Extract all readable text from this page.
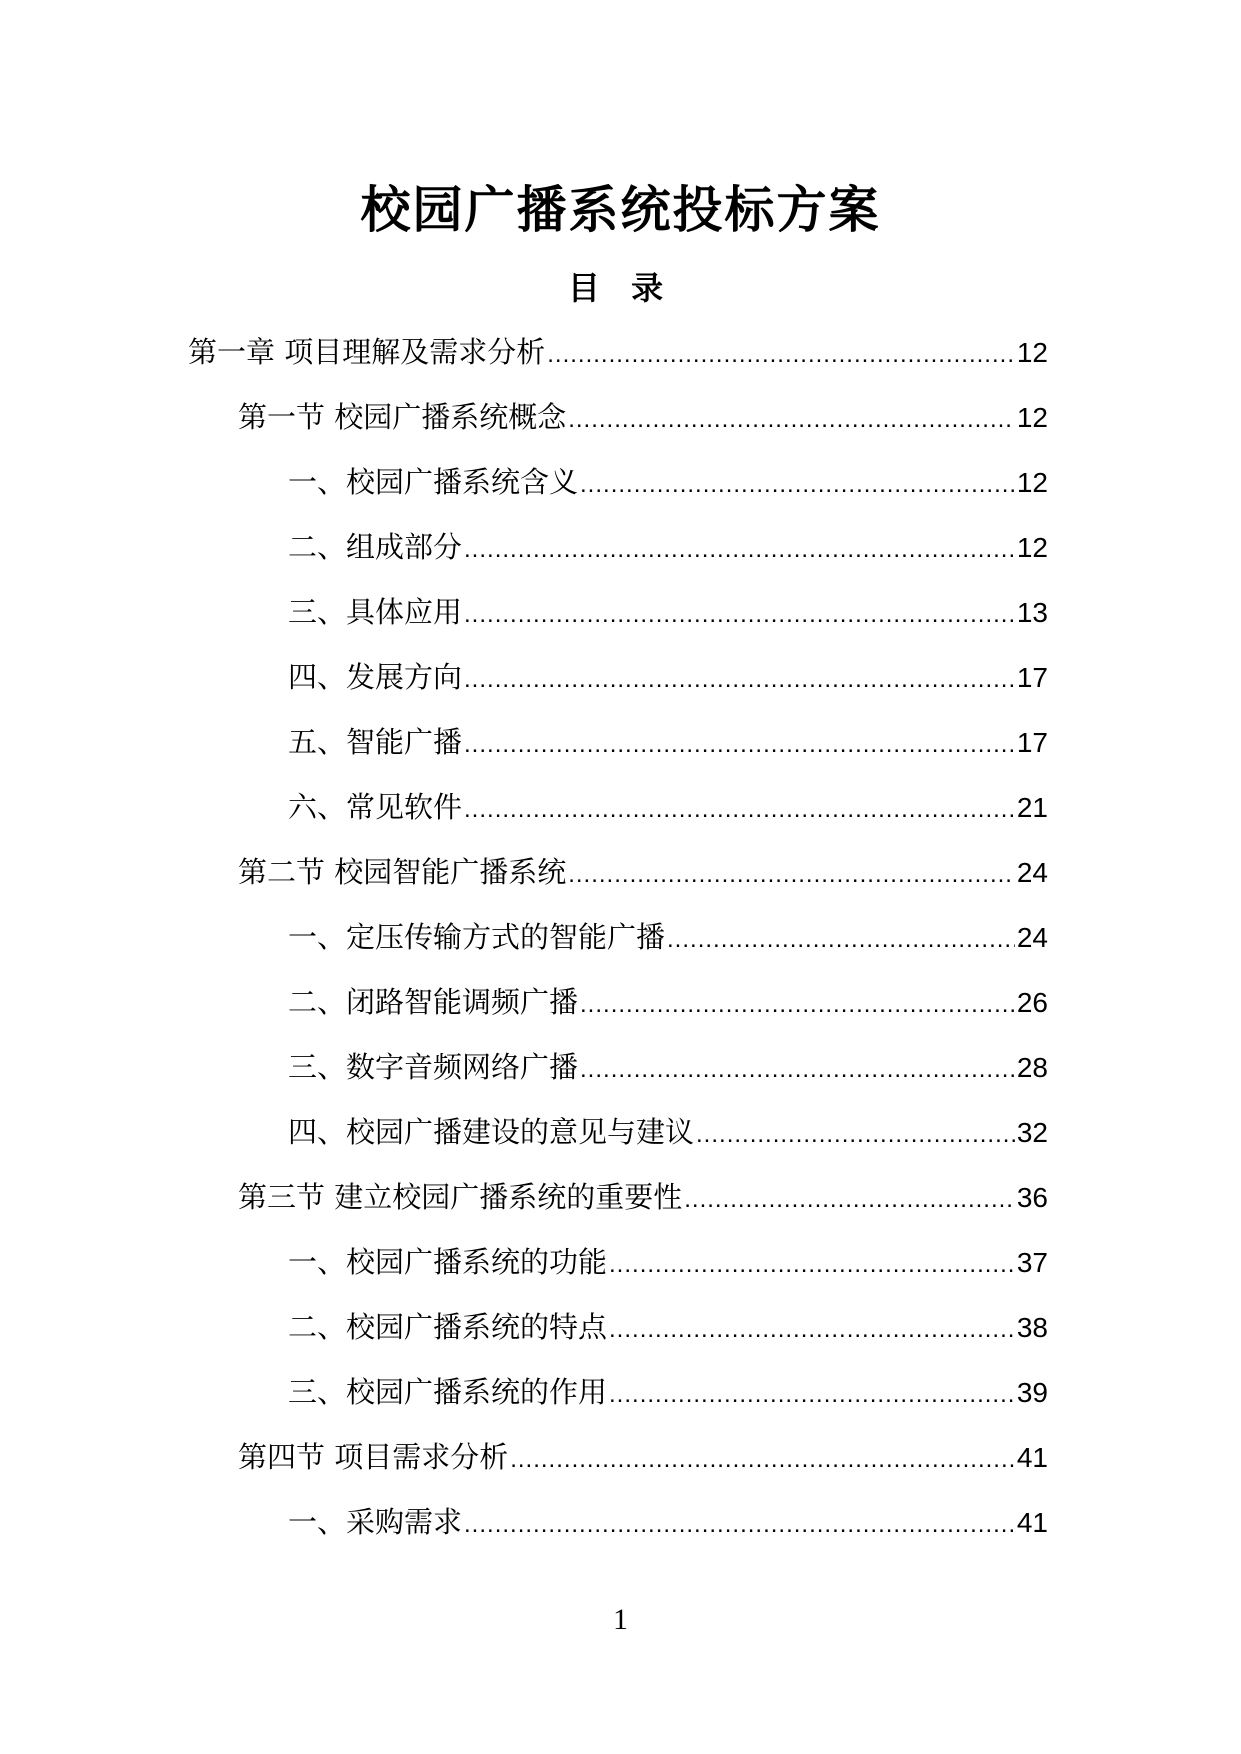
校园广播系统投标方案
目 录
第一章 项目理解及需求分析 .....	12
第一节 校园广播系统概念 .....	12
一、校园广播系统含义 .....	12
二、组成部分 .....	12
三、具体应用 .....	13
四、发展方向 .....	17
五、智能广播 .....	17
六、常见软件 .....	21
第二节 校园智能广播系统 .....	24
一、定压传输方式的智能广播 .....	24
二、闭路智能调频广播 .....	26
三、数字音频网络广播 .....	28
四、校园广播建设的意见与建议 .....	32
第三节 建立校园广播系统的重要性 .....	36
一、校园广播系统的功能 .....	37
二、校园广播系统的特点 .....	38
三、校园广播系统的作用 .....	39
第四节 项目需求分析 .....	41
一、采购需求 .....	41
1
